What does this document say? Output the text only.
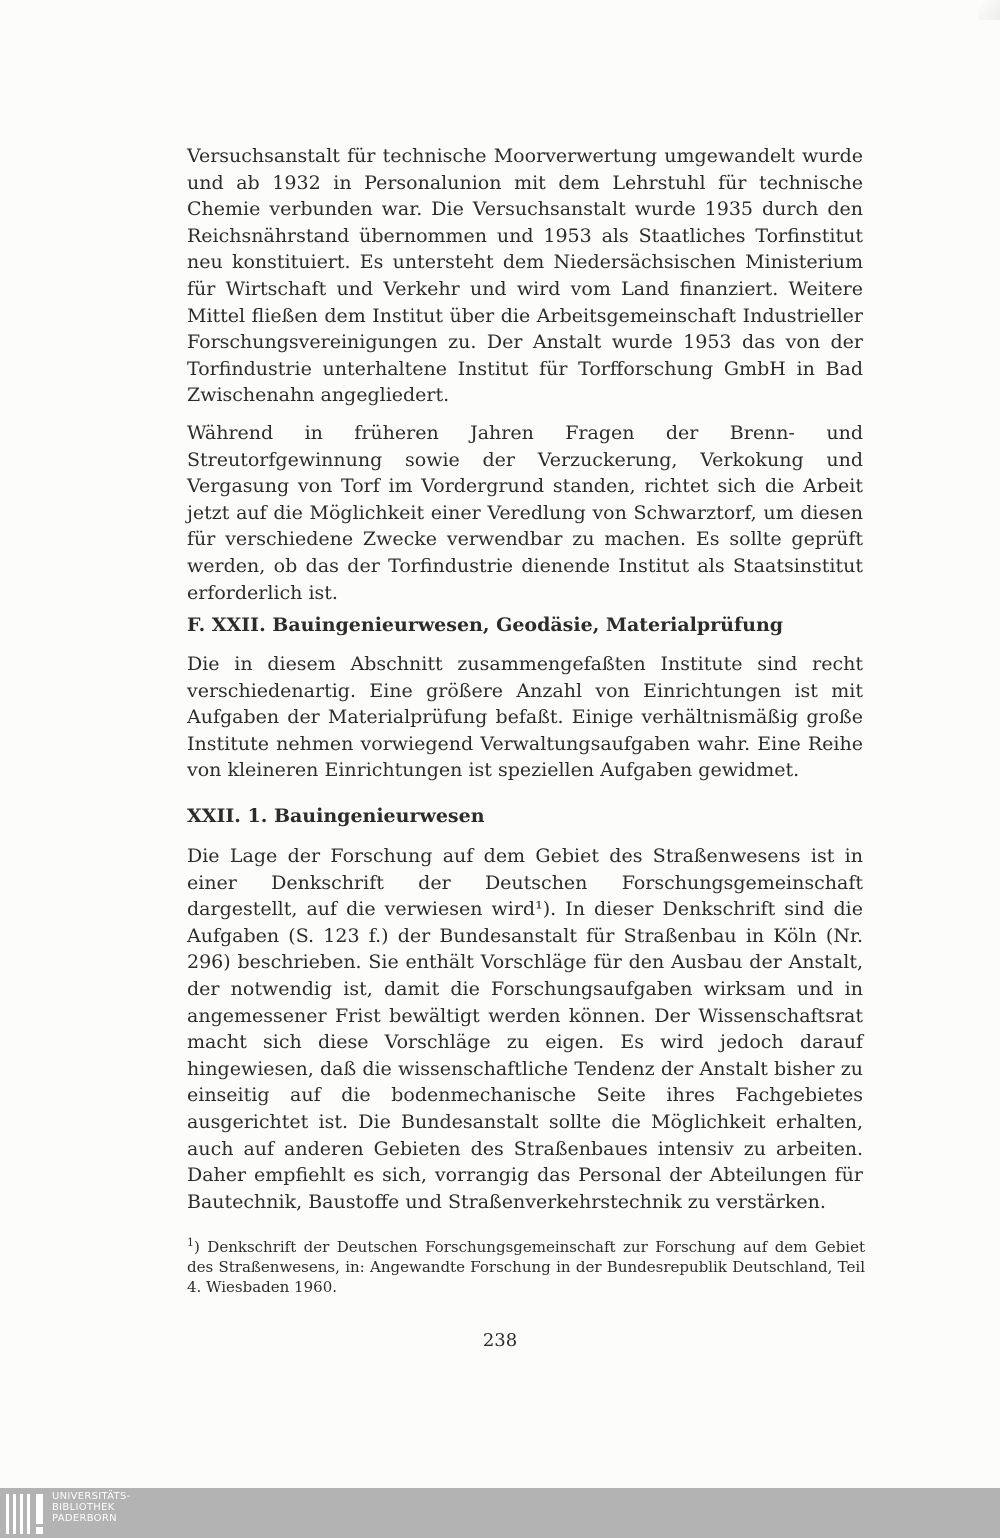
Versuchsanstalt für technische Moorverwertung umgewandelt wurde und ab 1932 in Personalunion mit dem Lehrstuhl für technische Chemie verbunden war. Die Versuchsanstalt wurde 1935 durch den Reichsnährstand übernommen und 1953 als Staatliches Torfinstitut neu konstituiert. Es untersteht dem Niedersächsischen Ministerium für Wirtschaft und Verkehr und wird vom Land finanziert. Weitere Mittel fließen dem Institut über die Arbeitsgemeinschaft Industrieller Forschungsvereinigungen zu. Der Anstalt wurde 1953 das von der Torfindustrie unterhaltene Institut für Torfforschung GmbH in Bad Zwischenahn angegliedert.

Während in früheren Jahren Fragen der Brenn- und Streutorfgewinnung sowie der Verzuckerung, Verkokung und Vergasung von Torf im Vordergrund standen, richtet sich die Arbeit jetzt auf die Möglichkeit einer Veredlung von Schwarztorf, um diesen für verschiedene Zwecke verwendbar zu machen. Es sollte geprüft werden, ob das der Torfindustrie dienende Institut als Staatsinstitut erforderlich ist.

F. XXII. Bauingenieurwesen, Geodäsie, Materialprüfung

Die in diesem Abschnitt zusammengefaßten Institute sind recht verschiedenartig. Eine größere Anzahl von Einrichtungen ist mit Aufgaben der Materialprüfung befaßt. Einige verhältnismäßig große Institute nehmen vorwiegend Verwaltungsaufgaben wahr. Eine Reihe von kleineren Einrichtungen ist speziellen Aufgaben gewidmet.

XXII. 1. Bauingenieurwesen

Die Lage der Forschung auf dem Gebiet des Straßenwesens ist in einer Denkschrift der Deutschen Forschungsgemeinschaft dargestellt, auf die verwiesen wird¹). In dieser Denkschrift sind die Aufgaben (S. 123 f.) der Bundesanstalt für Straßenbau in Köln (Nr. 296) beschrieben. Sie enthält Vorschläge für den Ausbau der Anstalt, der notwendig ist, damit die Forschungsaufgaben wirksam und in angemessener Frist bewältigt werden können. Der Wissenschaftsrat macht sich diese Vorschläge zu eigen. Es wird jedoch darauf hingewiesen, daß die wissenschaftliche Tendenz der Anstalt bisher zu einseitig auf die bodenmechanische Seite ihres Fachgebietes ausgerichtet ist. Die Bundesanstalt sollte die Möglichkeit erhalten, auch auf anderen Gebieten des Straßenbaues intensiv zu arbeiten. Daher empfiehlt es sich, vorrangig das Personal der Abteilungen für Bautechnik, Baustoffe und Straßenverkehrstechnik zu verstärken.

$^1$) Denkschrift der Deutschen Forschungsgemeinschaft zur Forschung auf dem Gebiet des Straßenwesens, in: Angewandte Forschung in der Bundesrepublik Deutschland, Teil 4. Wiesbaden 1960.

238

UNIVERSITÄTS-
BIBLIOTHEK
PADERBORN
